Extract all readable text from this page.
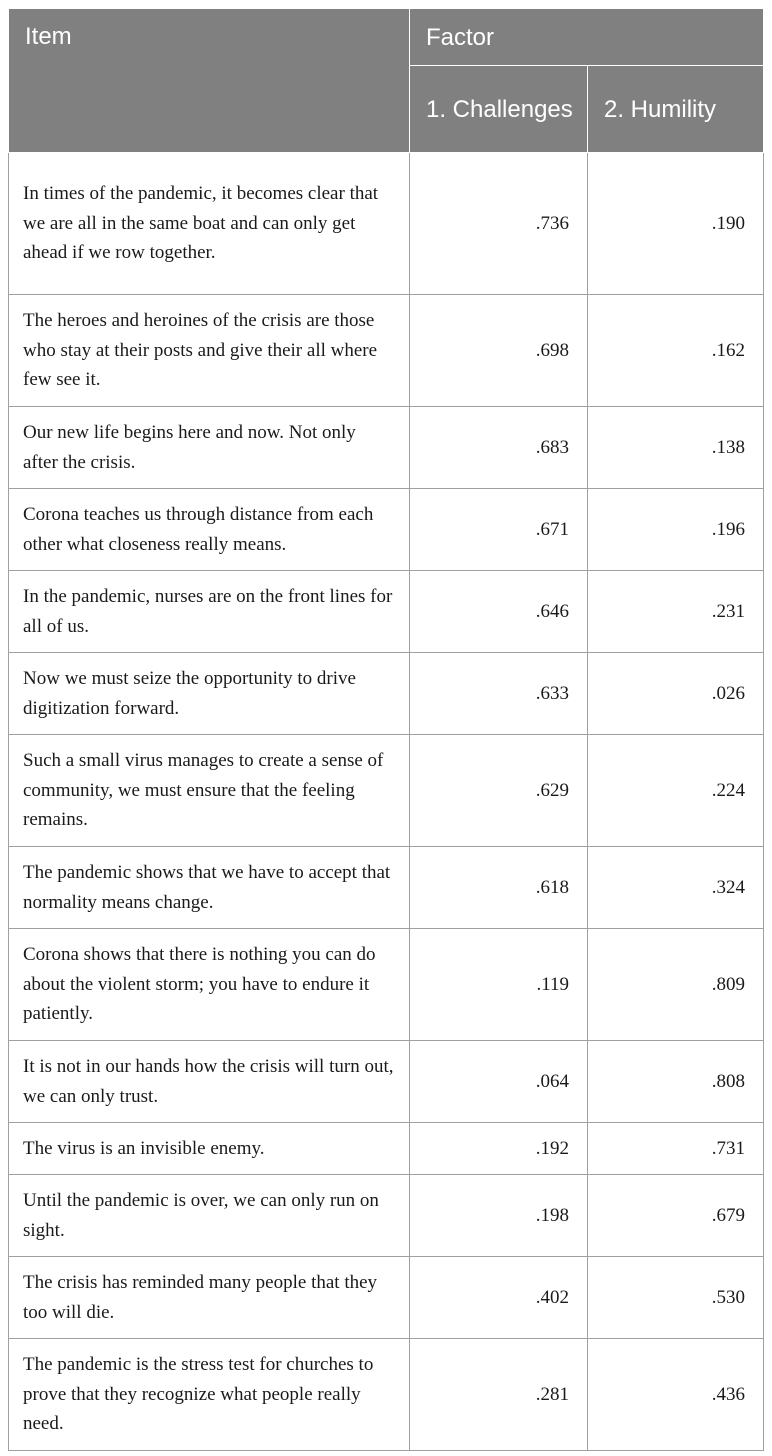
Item	Factor	
	1. Challenges	2. Humility
In times of the pandemic, it becomes clear that we are all in the same boat and can only get ahead if we row together.	.736	.190
The heroes and heroines of the crisis are those who stay at their posts and give their all where few see it.	.698	.162
Our new life begins here and now. Not only after the crisis.	.683	.138
Corona teaches us through distance from each other what closeness really means.	.671	.196
In the pandemic, nurses are on the front lines for all of us.	.646	.231
Now we must seize the opportunity to drive digitization forward.	.633	.026
Such a small virus manages to create a sense of community, we must ensure that the feeling remains.	.629	.224
The pandemic shows that we have to accept that normality means change.	.618	.324
Corona shows that there is nothing you can do about the violent storm; you have to endure it patiently.	.119	.809
It is not in our hands how the crisis will turn out, we can only trust.	.064	.808
The virus is an invisible enemy.	.192	.731
Until the pandemic is over, we can only run on sight.	.198	.679
The crisis has reminded many people that they too will die.	.402	.530
The pandemic is the stress test for churches to prove that they recognize what people really need.	.281	.436
